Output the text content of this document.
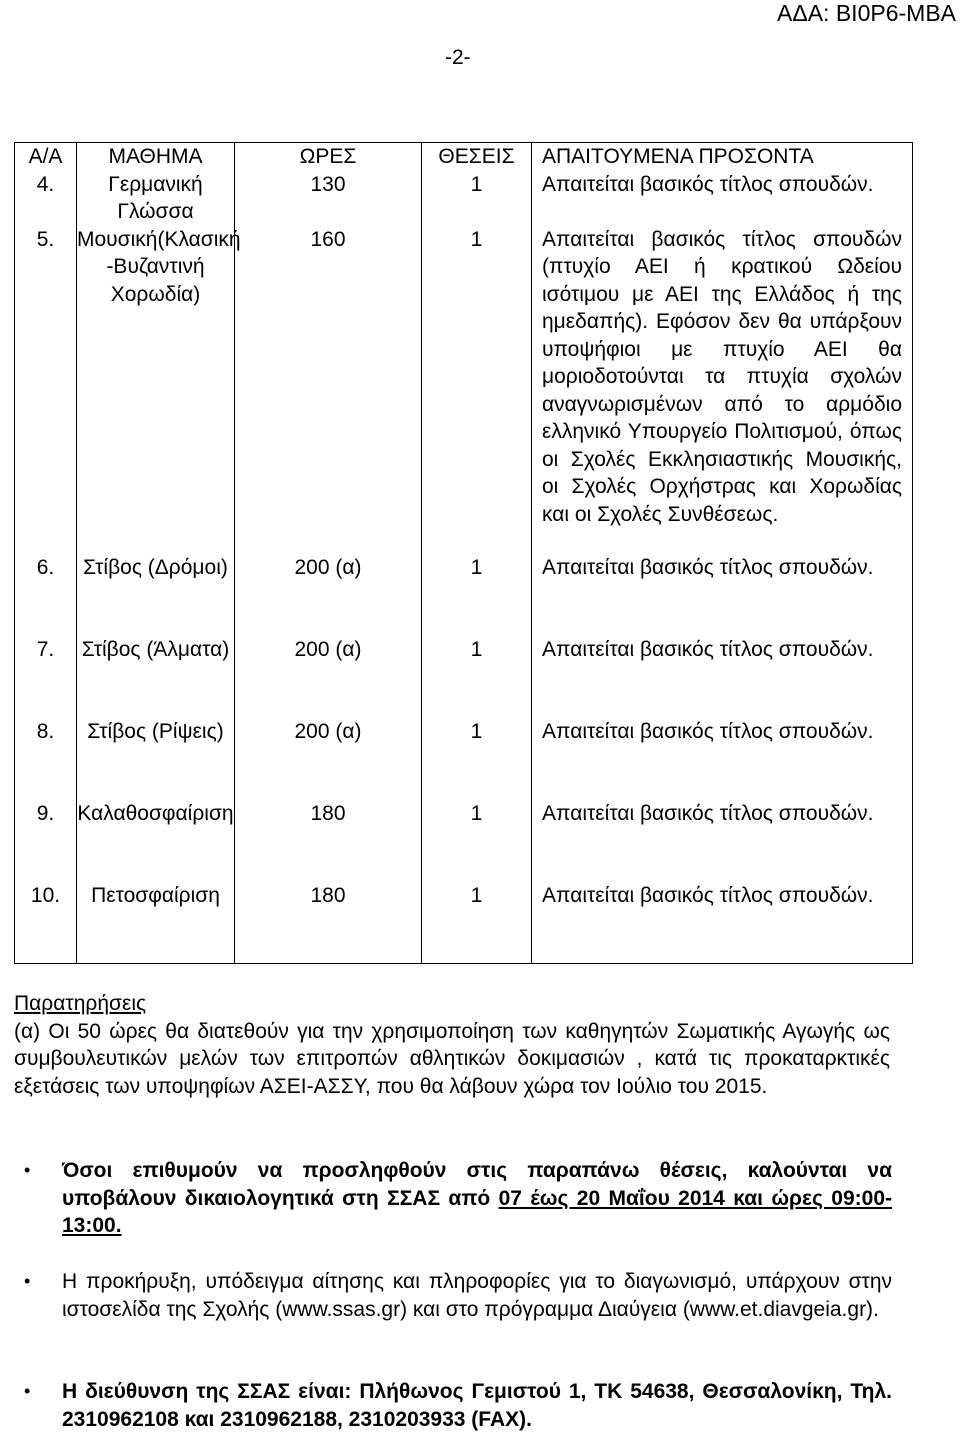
ΑΔΑ: ΒΙ0Ρ6-ΜΒΑ
-2-
Α/Α	ΜΑΘΗΜΑ	ΩΡΕΣ	ΘΕΣΕΙΣ	ΑΠΑΙΤΟΥΜΕΝΑ ΠΡΟΣΟΝΤΑ
4.	Γερμανική Γλώσσα	130	1	Απαιτείται βασικός τίτλος σπουδών.
5.	Μουσική(Κλασική -Βυζαντινή Χορωδία)	160	1	Απαιτείται βασικός τίτλος σπουδών (πτυχίο ΑΕΙ ή κρατικού Ωδείου ισότιμου με ΑΕΙ της Ελλάδος ή της ημεδαπής). Εφόσον δεν θα υπάρξουν υποψήφιοι με πτυχίο ΑΕΙ θα μοριοδοτούνται τα πτυχία σχολών αναγνωρισμένων από το αρμόδιο ελληνικό Υπουργείο Πολιτισμού, όπως οι Σχολές Εκκλησιαστικής Μουσικής, οι Σχολές Ορχήστρας και Χορωδίας και οι Σχολές Συνθέσεως.
6.	Στίβος (Δρόμοι)	200 (α)	1	Απαιτείται βασικός τίτλος σπουδών.
7.	Στίβος (Άλματα)	200 (α)	1	Απαιτείται βασικός τίτλος σπουδών.
8.	Στίβος (Ρίψεις)	200 (α)	1	Απαιτείται βασικός τίτλος σπουδών.
9.	Καλαθοσφαίριση	180	1	Απαιτείται βασικός τίτλος σπουδών.
10.	Πετοσφαίριση	180	1	Απαιτείται βασικός τίτλος σπουδών.
Παρατηρήσεις

(α) Οι 50 ώρες θα διατεθούν για την χρησιμοποίηση των καθηγητών Σωματικής Αγωγής ως συμβουλευτικών μελών των επιτροπών αθλητικών δοκιμασιών , κατά τις προκαταρκτικές εξετάσεις των υποψηφίων ΑΣΕΙ-ΑΣΣΥ, που θα λάβουν χώρα τον Ιούλιο του 2015.

•	Όσοι επιθυμούν να προσληφθούν στις παραπάνω θέσεις, καλούνται να υποβάλουν δικαιολογητικά στη ΣΣΑΣ από 07 έως 20 Μαΐου 2014 και ώρες 09:00-13:00.
•	Η προκήρυξη, υπόδειγμα αίτησης και πληροφορίες για το διαγωνισμό, υπάρχουν στην ιστοσελίδα της Σχολής (www.ssas.gr) και στο πρόγραμμα Διαύγεια (www.et.diavgeia.gr).
•	Η διεύθυνση της ΣΣΑΣ είναι: Πλήθωνος Γεμιστού 1, ΤΚ 54638, Θεσσαλονίκη, Τηλ. 2310962108 και 2310962188, 2310203933 (FAX).
